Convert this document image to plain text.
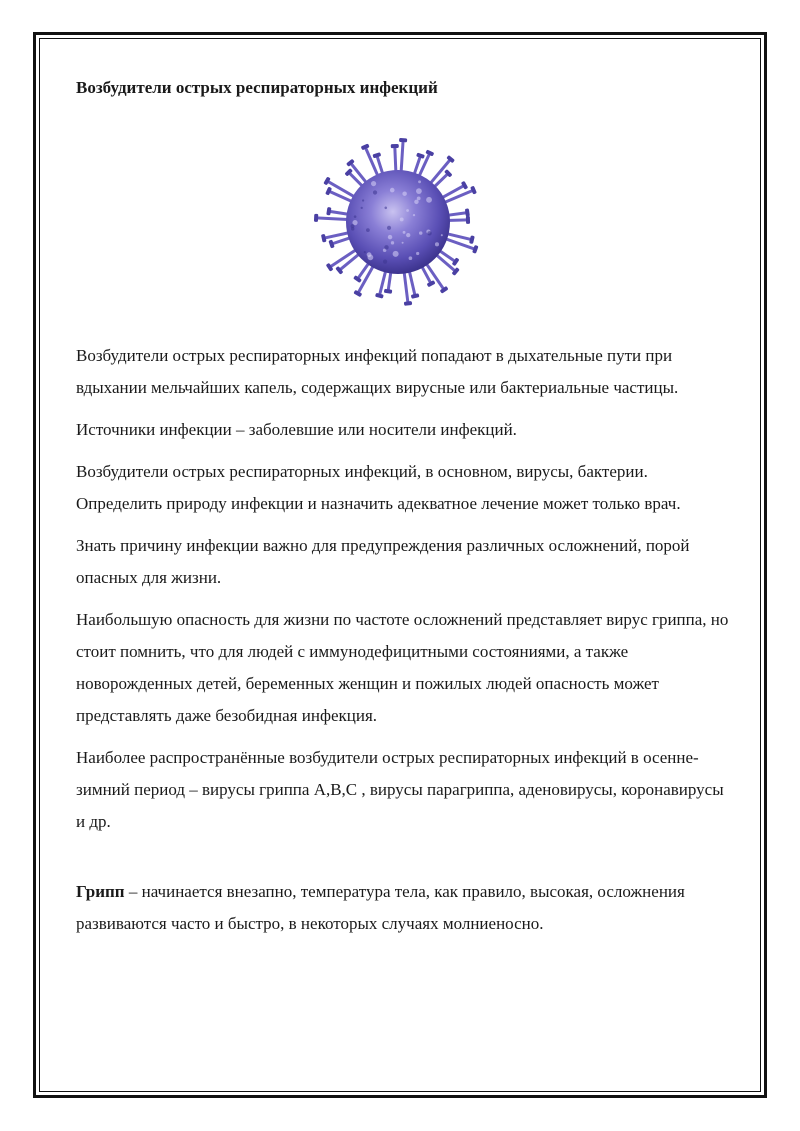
Возбудители острых респираторных инфекций

Возбудители острых респираторных инфекций попадают в дыхательные пути при вдыхании мельчайших капель, содержащих вирусные или бактериальные частицы.

Источники инфекции – заболевшие или носители инфекций.

Возбудители острых респираторных инфекций, в основном, вирусы, бактерии. Определить природу инфекции и назначить адекватное лечение может только врач.

Знать причину инфекции важно для предупреждения различных осложнений, порой опасных для жизни.

Наибольшую опасность для жизни по частоте осложнений представляет вирус гриппа, но стоит помнить, что для людей с иммунодефицитными состояниями, а также новорожденных детей, беременных женщин и пожилых людей опасность может представлять даже безобидная инфекция.

Наиболее распространённые возбудители острых респираторных инфекций в осенне-зимний период – вирусы гриппа А,В,С , вирусы парагриппа, аденовирусы, коронавирусы и др.

Грипп – начинается внезапно, температура тела, как правило, высокая, осложнения развиваются часто и быстро, в некоторых случаях молниеносно.
